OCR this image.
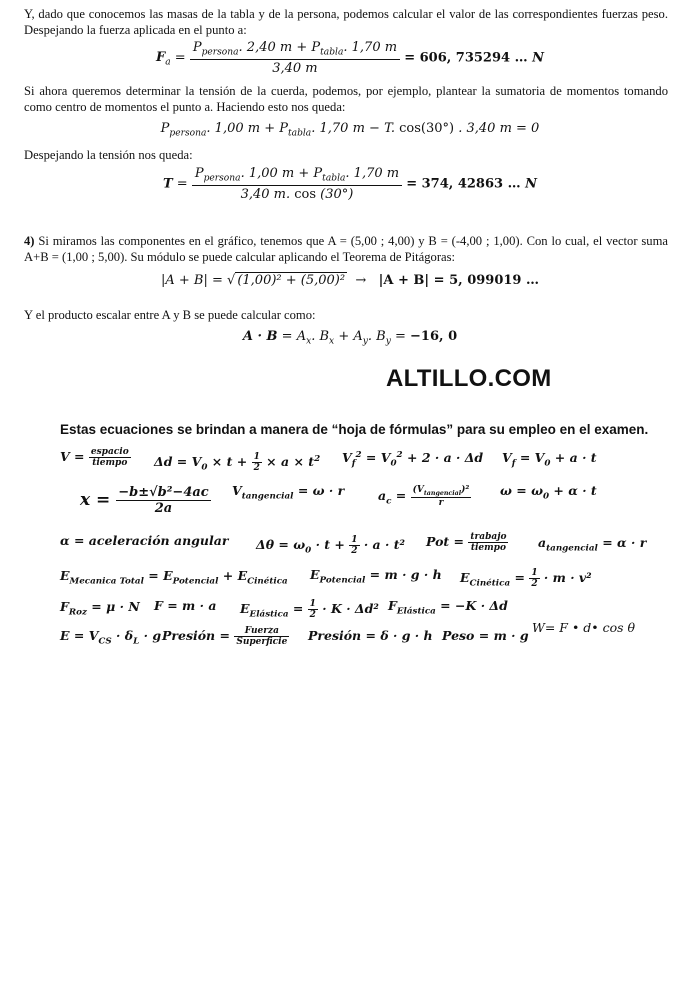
Y, dado que conocemos las masas de la tabla y de la persona, podemos calcular el valor de las correspondientes fuerzas peso. Despejando la fuerza aplicada en el punto a:
$F_a = \frac{P_{persona}. 2,40 m + P_{tabla}. 1,70 m}{3,40 m} = 606$, 735294 … N
Si ahora queremos determinar la tensión de la cuerda, podemos, por ejemplo, plantear la sumatoria de momentos tomando como centro de momentos el punto a. Haciendo esto nos queda:
$P_{persona}$. 1,00 $m + P_{tabla}$. 1,70 m − T. cos(30°) . 3,40 m = 0
Despejando la tensión nos queda:
$T = \frac{P_{persona}. 1,00 m + P_{tabla}. 1,70 m}{3,40 m. \cos (30^\circ)} = 374$, 42863 … N
4) Si miramos las componentes en el gráfico, tenemos que A = (5,00 ; 4,00) y B = (-4,00 ; 1,00). Con lo cual, el vector suma A+B = (1,00 ; 5,00). Su módulo se puede calcular aplicando el Teorema de Pitágoras:
|A + B| = √ (1,00)² + (5,00)² → |A + B| = 5, 099019 …
Y el producto escalar entre A y B se puede calcular como:
$A \cdot B = A_x$. $B_x + A_y$. $B_y = -16$, 0
ALTILLO.COM
Estas ecuaciones se brindan a manera de “hoja de fórmulas” para su empleo en el examen.
$V = \frac{\text{espacio}}{\text{tiempo}}$ $\Delta d = V_0 \times t + \frac{1}{2} \times a \times t^2$ $V_f^2 = V_0^2 + 2 \cdot a \cdot \Delta d$ $V_f = V_0 + a \cdot t$
$x = \frac{\text{−b±√b²−4ac}}{2a} V_{tangencial} = \omega \cdot r$	$a_c = \frac{(V_{tangencial})^2}{r}$ $\omega = \omega_0 + \alpha \cdot t$
α = aceleración angular $\Delta\theta = \omega_0 \cdot t + \frac{1}{2} \cdot a \cdot t^2$ Pot = $\frac{\text{trabajo}}{\text{tiempo}} a_{tangencial} = \alpha \cdot r$
$E_{Mecanica Total} = E_{Potencial} + E_{Cinética}$ $E_{Potencial} = m \cdot g \cdot h$ $E_{Cinética} = \frac{1}{2} \cdot m \cdot v^2$
$F_{Roz} = \mu \cdot N$ F = m · a $E_{Elástica} = \frac{1}{2} \cdot K \cdot \Delta d^2$ $F_{Elástica} = -K \cdot \Delta d$
$E = V_{CS} \cdot \delta_L \cdot g$ Presión = $\frac{\text{Fuerza}}{\text{Superficie}}$ Presión = δ · g · h Peso = m · g
W= F • d• cos θ
